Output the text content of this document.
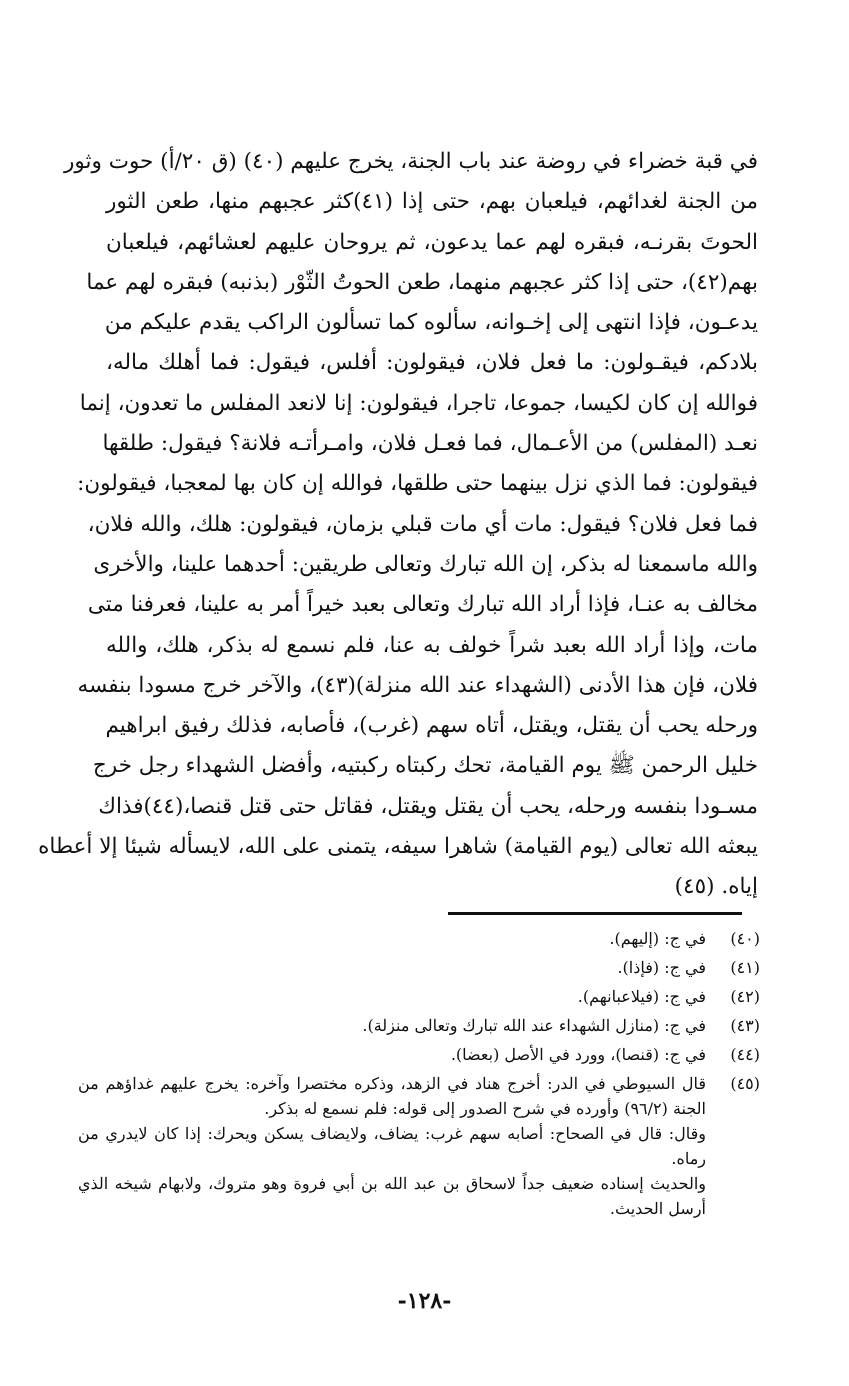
في قبة خضراء في روضة عند باب الجنة، يخرج عليهم (٤٠) (ق ٢٠/أ) حوت وثور
من الجنة لغدائهم، فيلعبان بهم، حتى إذا (٤١)كثر عجبهم منها، طعن الثور
الحوتَ بقرنـه، فبقره لهم عما يدعون، ثم يروحان عليهم لعشائهم، فيلعبان
بهم(٤٢)، حتى إذا كثر عجبهم منهما، طعن الحوتُ الثّوْر (بذنبه) فبقره لهم عما
يدعـون، فإذا انتهى إلى إخـوانه، سألوه كما تسألون الراكب يقدم عليكم من
بلادكم، فيقـولون: ما فعل فلان، فيقولون: أفلس، فيقول: فما أهلك ماله،
فوالله إن كان لكيسا، جموعا، تاجرا، فيقولون: إنا لانعد المفلس ما تعدون، إنما
نعـد (المفلس) من الأعـمال، فما فعـل فلان، وامـرأتـه فلانة؟ فيقول: طلقها
فيقولون: فما الذي نزل بينهما حتى طلقها، فوالله إن كان بها لمعجبا، فيقولون:
فما فعل فلان؟ فيقول: مات أي مات قبلي بزمان، فيقولون: هلك، والله فلان،
والله ماسمعنا له بذكر، إن الله تبارك وتعالى طريقين: أحدهما علينا، والأخرى
مخالف به عنـا، فإذا أراد الله تبارك وتعالى بعبد خيراً أمر به علينا، فعرفنا متى
مات، وإذا أراد الله بعبد شراً خولف به عنا، فلم نسمع له بذكر، هلك، والله
فلان، فإن هذا الأدنى (الشهداء عند الله منزلة)(٤٣)، والآخر خرج مسودا بنفسه
ورحله يحب أن يقتل، ويقتل، أتاه سهم (غرب)، فأصابه، فذلك رفيق ابراهيم
خليل الرحمن ﷺ يوم القيامة، تحك ركبتاه ركبتيه، وأفضل الشهداء رجل خرج
مسـودا بنفسه ورحله، يحب أن يقتل ويقتل، فقاتل حتى قتل قنصا،(٤٤)فذاك
يبعثه الله تعالى (يوم القيامة) شاهرا سيفه، يتمنى على الله، لايسأله شيئا إلا أعطاه
إياه. (٤٥)
(٤٠)
في ج: (إليهم).
(٤١)
في ج: (فإذا).
(٤٢)
في ج: (فيلاعبانهم).
(٤٣)
في ج: (منازل الشهداء عند الله تبارك وتعالى منزلة).
(٤٤)
في ج: (قنصا)، وورد في الأصل (بعضا).
(٤٥)
قال السيوطي في الدر: أخرج هناد في الزهد، وذكره مختصرا وآخره: يخرج عليهم غداؤهم من الجنة (٩٦/٢) وأورده في شرح الصدور إلى قوله: فلم نسمع له بذكر.
وقال: قال في الصحاح: أصابه سهم غرب: يضاف، ولايضاف يسكن ويحرك: إذا كان لايدري من رماه.
والحديث إسناده ضعيف جداً لاسحاق بن عبد الله بن أبي فروة وهو متروك، ولابهام شيخه الذي أرسل الحديث.
-١٢٨-
